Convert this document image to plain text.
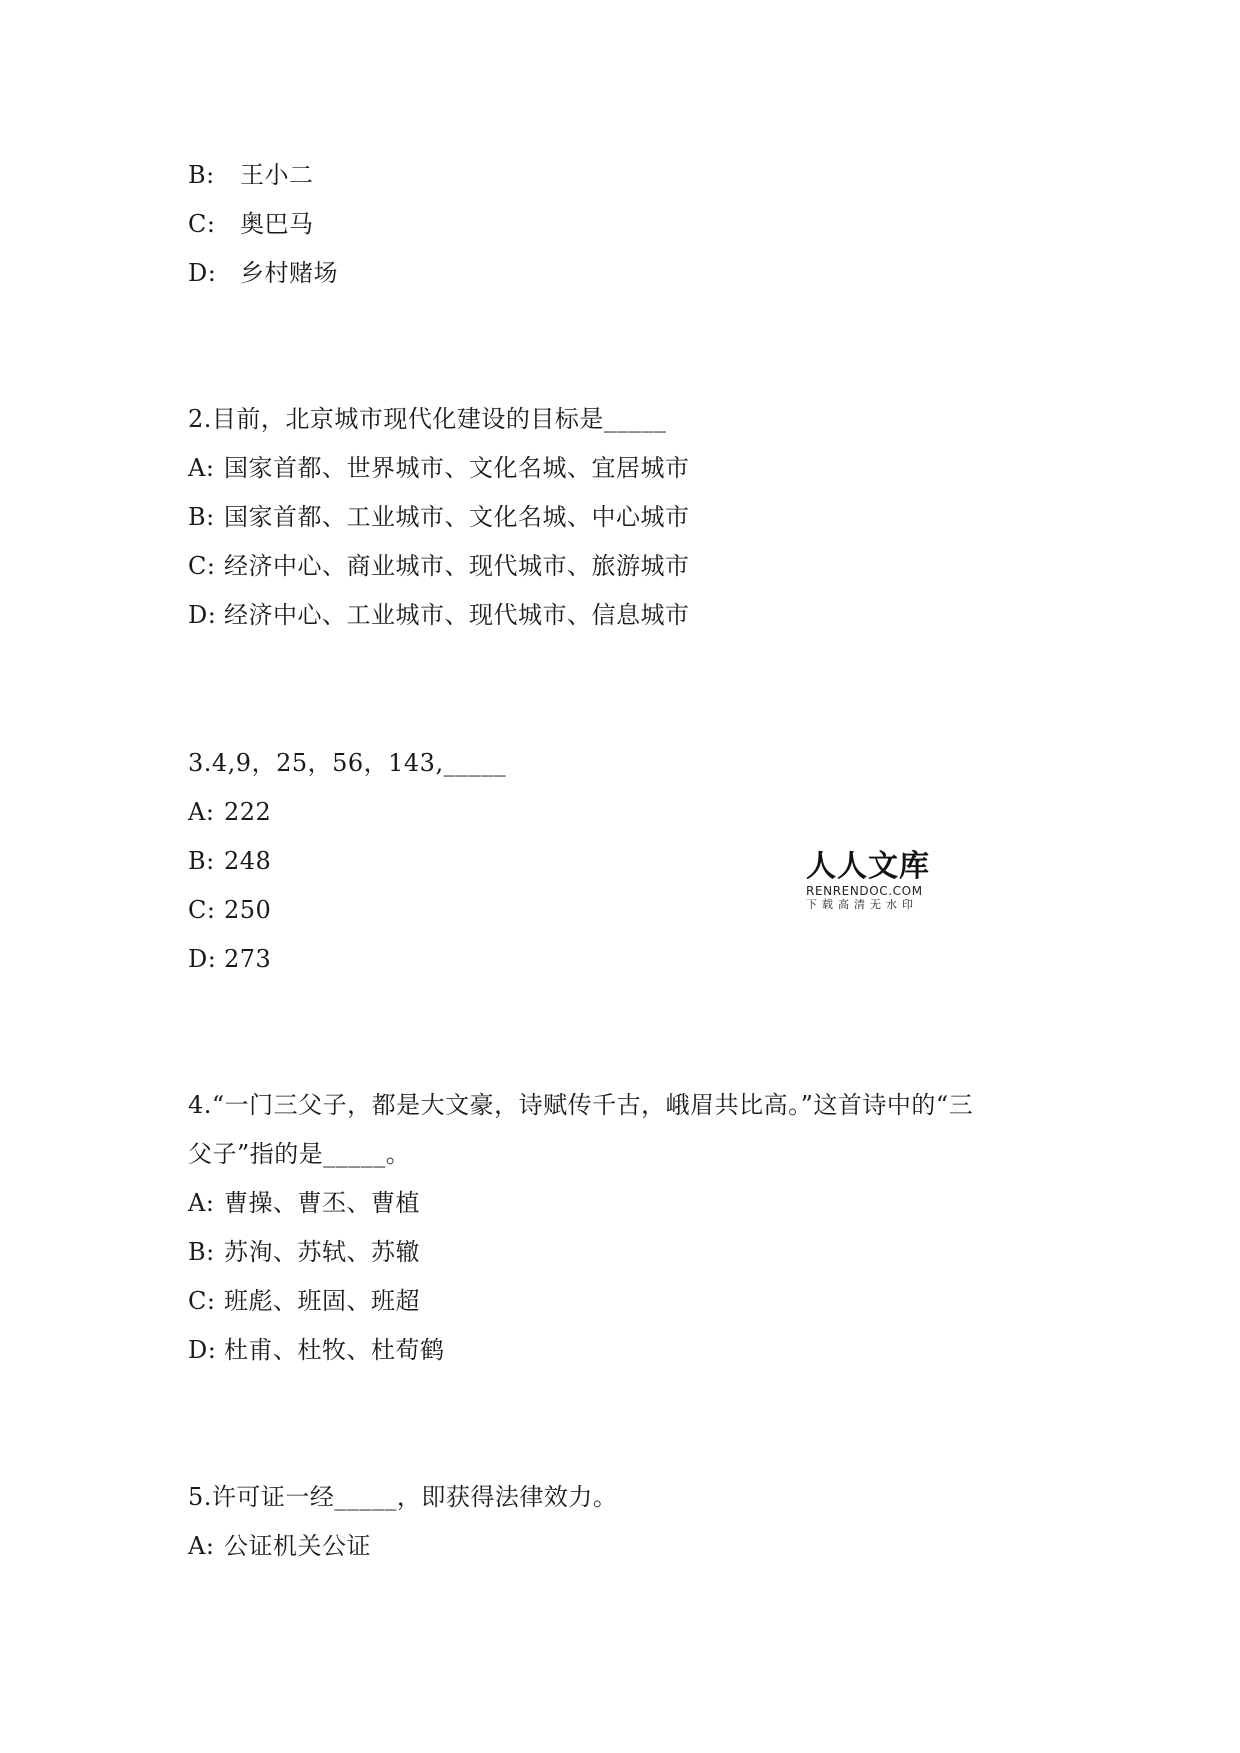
B: 王小二
C: 奥巴马
D: 乡村赌场
2.目前，北京城市现代化建设的目标是_____
A: 国家首都、世界城市、文化名城、宜居城市
B: 国家首都、工业城市、文化名城、中心城市
C: 经济中心、商业城市、现代城市、旅游城市
D: 经济中心、工业城市、现代城市、信息城市
3.4,9，25，56，143,_____
A: 222
B: 248
C: 250
D: 273
人人文库
RENRENDOC.COM
下载高清无水印
4.“一门三父子，都是大文豪，诗赋传千古，峨眉共比高。”这首诗中的“三
父子”指的是_____。
A: 曹操、曹丕、曹植
B: 苏洵、苏轼、苏辙
C: 班彪、班固、班超
D: 杜甫、杜牧、杜荀鹤
5.许可证一经_____，即获得法律效力。
A: 公证机关公证
